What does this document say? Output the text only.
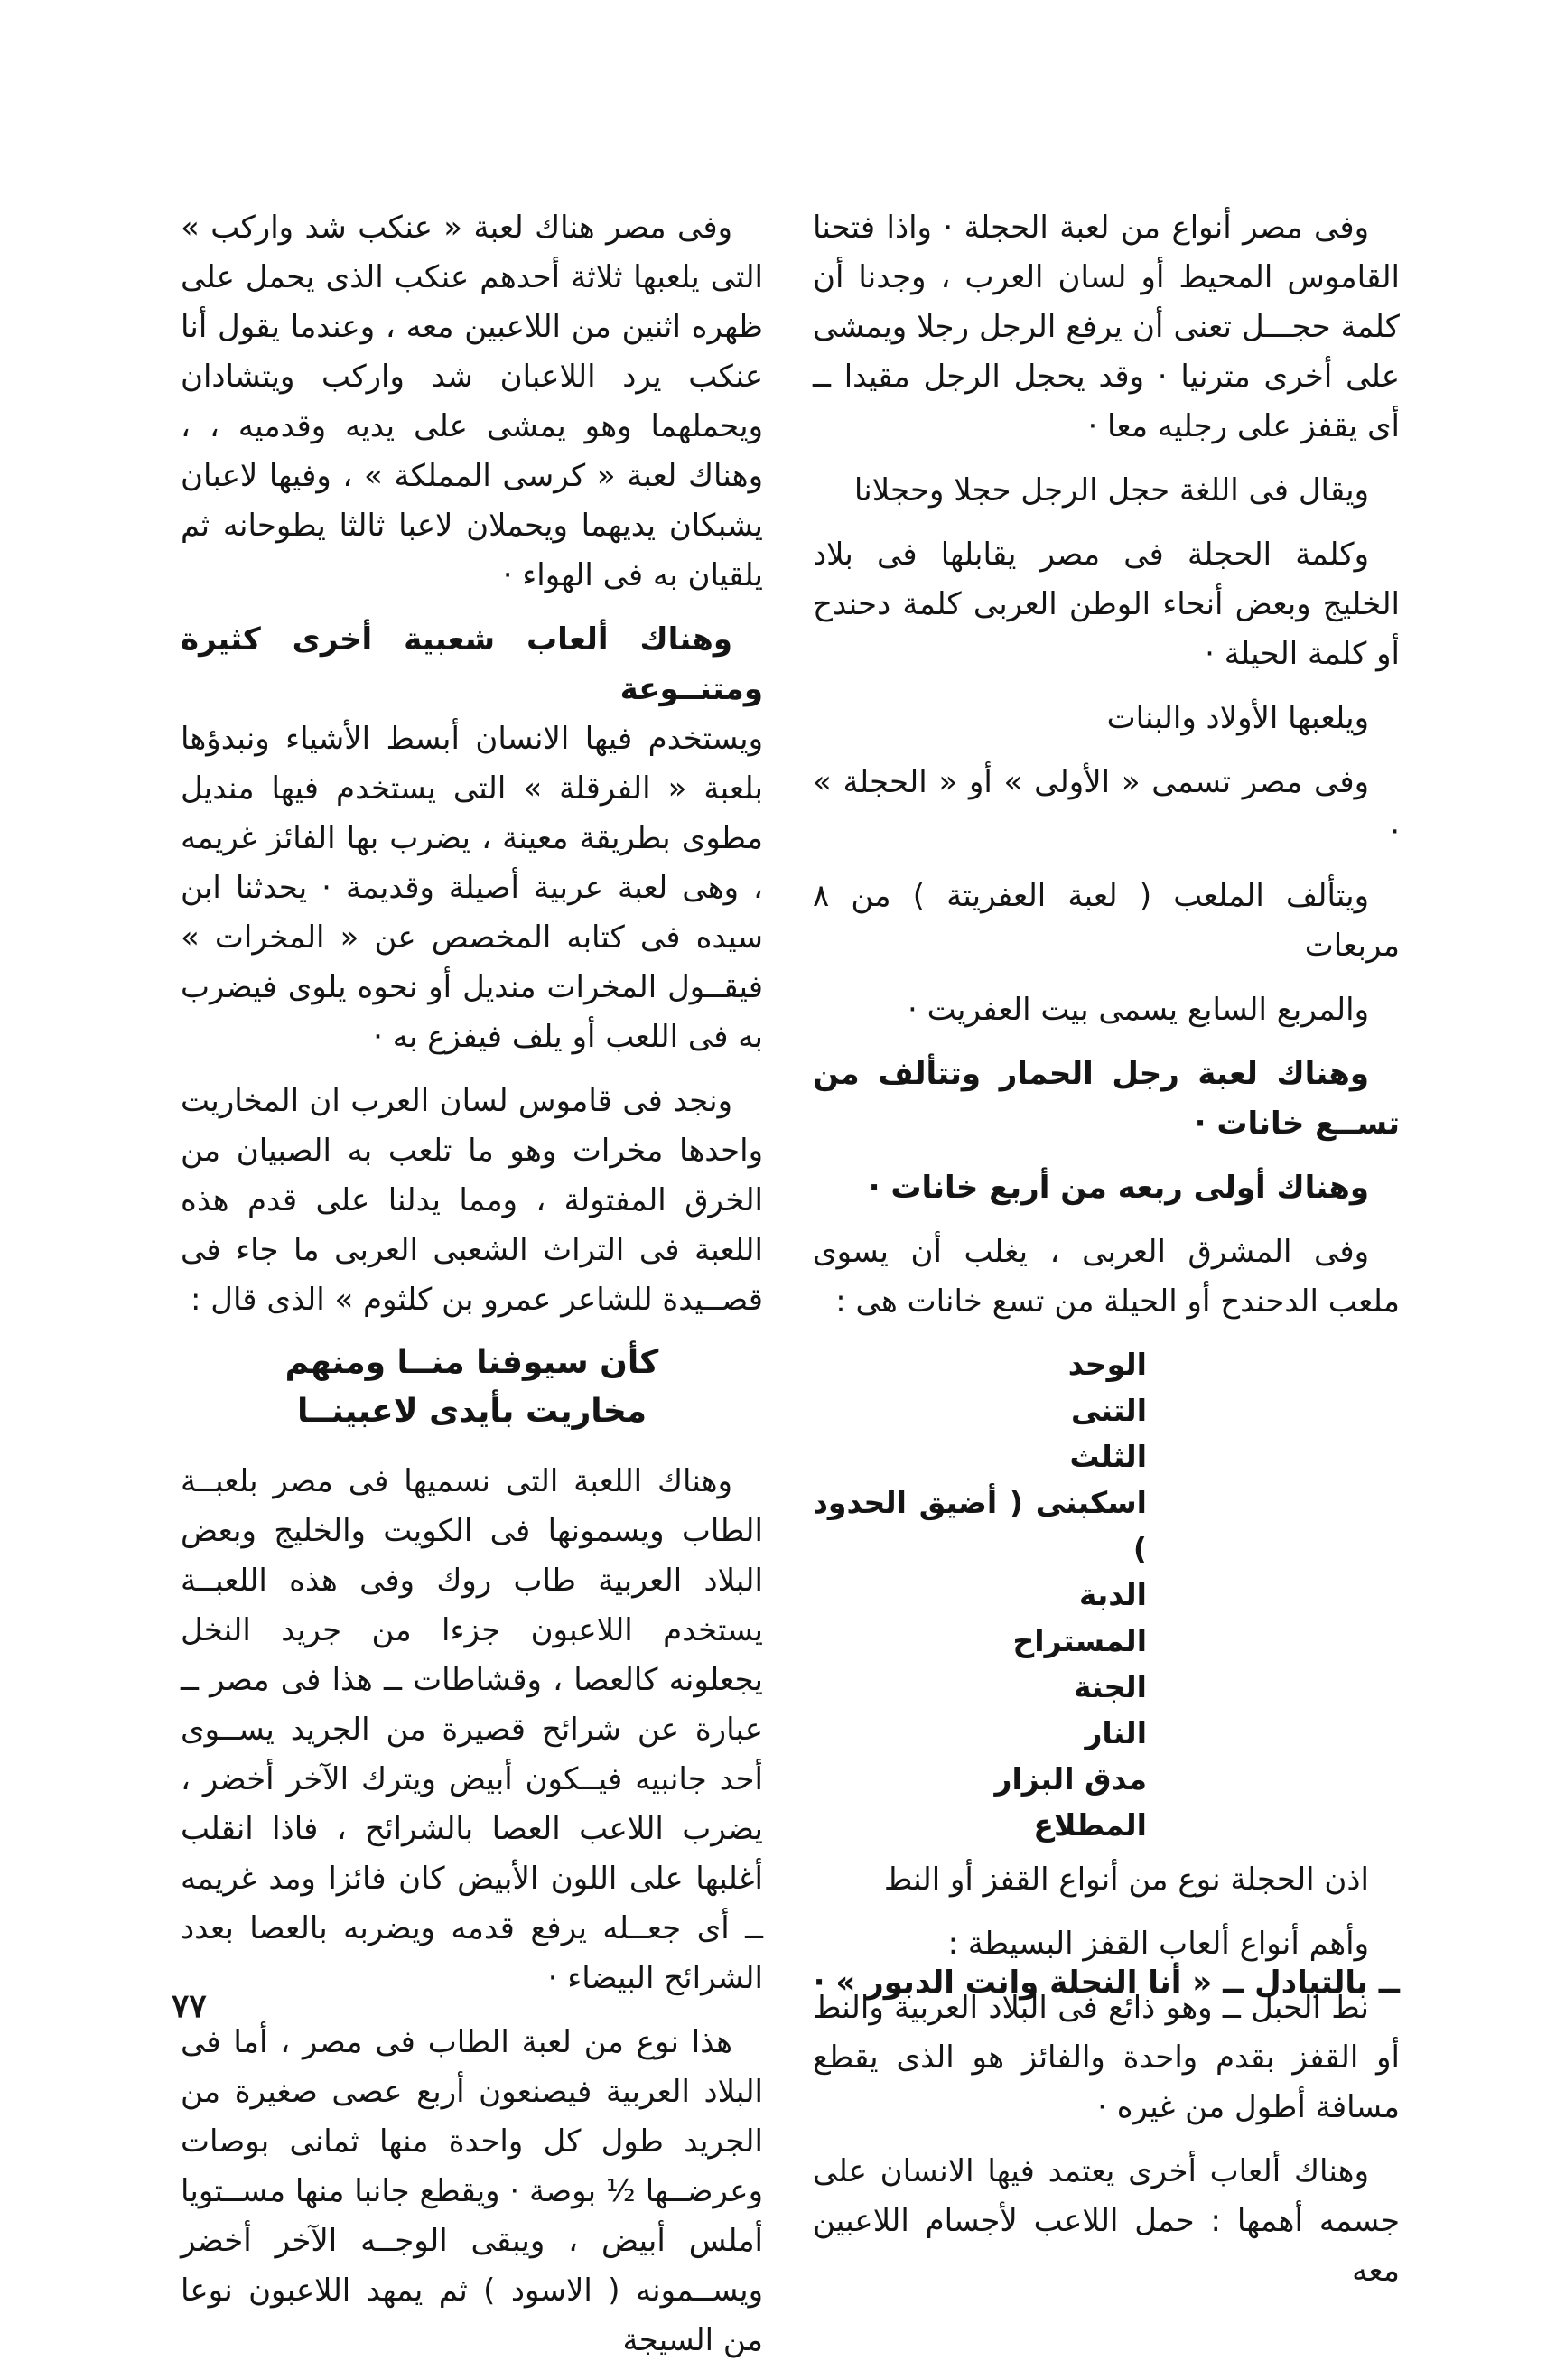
وفى مصر أنواع من لعبة الحجلة · واذا فتحنا القاموس المحيط أو لسان العرب ، وجدنا أن كلمة حجـــل تعنى أن يرفع الرجل رجلا ويمشى على أخرى مترنيا · وقد يحجل الرجل مقيدا ــ أى يقفز على رجليه معا ·

ويقال فى اللغة حجل الرجل حجلا وحجلانا

وكلمة الحجلة فى مصر يقابلها فى بلاد الخليج وبعض أنحاء الوطن العربى كلمة دحندح أو كلمة الحيلة ·

ويلعبها الأولاد والبنات

وفى مصر تسمى « الأولى » أو « الحجلة » ·

ويتألف الملعب ( لعبة العفريتة ) من ٨ مربعات

والمربع السابع يسمى بيت العفريت ·

وهناك لعبة رجل الحمار وتتألف من تســع خانات ·

وهناك أولى ربعه من أربع خانات ·

وفى المشرق العربى ، يغلب أن يسوى ملعب الدحندح أو الحيلة من تسع خانات هى :

الوحد
التنى
الثلث
اسكبنى ( أضيق الحدود )
الدبة
المستراح
الجنة
النار
مدق البزار
المطلاع

اذن الحجلة نوع من أنواع القفز أو النط

وأهم أنواع ألعاب القفز البسيطة :

نط الحبل ــ وهو ذائع فى البلاد العربية والنط أو القفز بقدم واحدة والفائز هو الذى يقطع مسافة أطول من غيره ·

وهناك ألعاب أخرى يعتمد فيها الانسان على جسمه أهمها : حمل اللاعب لأجسام اللاعبين معه

ــ بالتبادل ــ « أنا النحلة وانت الدبور » ·

وفى مصر هناك لعبة « عنكب شد واركب » التى يلعبها ثلاثة أحدهم عنكب الذى يحمل على ظهره اثنين من اللاعبين معه ، وعندما يقول أنا عنكب يرد اللاعبان شد واركب ويتشادان ويحملهما وهو يمشى على يديه وقدميه ، ، وهناك لعبة « كرسى المملكة » ، وفيها لاعبان يشبكان يديهما ويحملان لاعبا ثالثا يطوحانه ثم يلقيان به فى الهواء ·

وهناك ألعاب شعبية أخرى كثيرة ومتنــوعة

ويستخدم فيها الانسان أبسط الأشياء ونبدؤها بلعبة « الفرقلة » التى يستخدم فيها منديل مطوى بطريقة معينة ، يضرب بها الفائز غريمه ، وهى لعبة عربية أصيلة وقديمة · يحدثنا ابن سيده فى كتابه المخصص عن « المخرات » فيقــول المخرات منديل أو نحوه يلوى فيضرب به فى اللعب أو يلف فيفزع به ·

ونجد فى قاموس لسان العرب ان المخاريت واحدها مخرات وهو ما تلعب به الصبيان من الخرق المفتولة ، ومما يدلنا على قدم هذه اللعبة فى التراث الشعبى العربى ما جاء فى قصــيدة للشاعر عمرو بن كلثوم » الذى قال :

كأن سيوفنا منــا ومنهم
مخاريت بأيدى لاعبينــا

وهناك اللعبة التى نسميها فى مصر بلعبــة الطاب ويسمونها فى الكويت والخليج وبعض البلاد العربية طاب روك وفى هذه اللعبــة يستخدم اللاعبون جزءا من جريد النخل يجعلونه كالعصا ، وقشاطات ــ هذا فى مصر ــ عبارة عن شرائح قصيرة من الجريد يســوى أحد جانبيه فيــكون أبيض ويترك الآخر أخضر ، يضرب اللاعب العصا بالشرائح ، فاذا انقلب أغلبها على اللون الأبيض كان فائزا ومد غريمه ــ أى جعــله يرفع قدمه ويضربه بالعصا بعدد الشرائح البيضاء ·

هذا نوع من لعبة الطاب فى مصر ، أما فى البلاد العربية فيصنعون أربع عصى صغيرة من الجريد طول كل واحدة منها ثمانى بوصات وعرضــها ½ بوصة · ويقطع جانبا منها مســتويا أملس أبيض ، ويبقى الوجــه الآخر أخضر ويســمونه ( الاسود ) ثم يمهد اللاعبون نوعا من السيجة

٧٧
